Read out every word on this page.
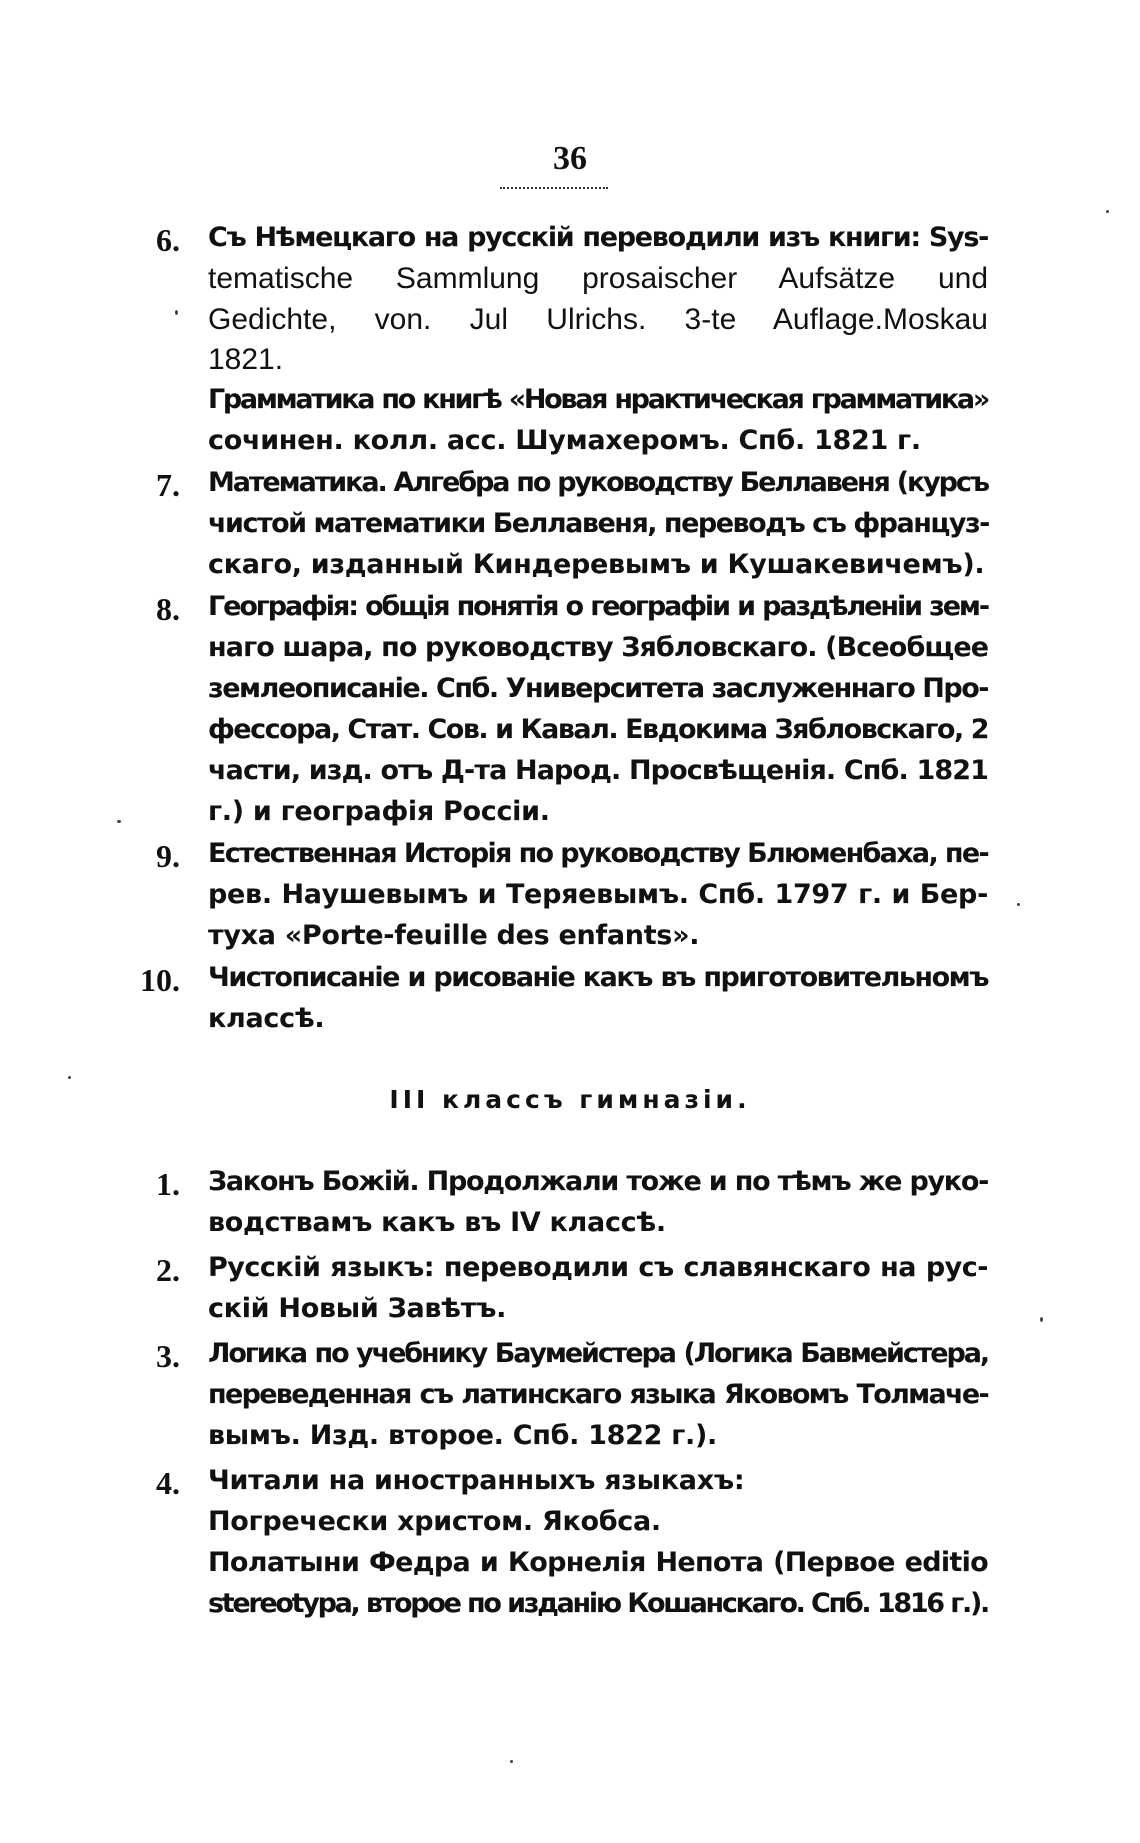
36
6. Съ Нѣмецкаго на русскій переводили изъ книги: Sys-
tematische Sammlung prosaischer Aufsätze und
Gedichte, von. Jul Ulrichs. 3-te Auflage.Moskau
1821.
Грамматика по книгѣ «Новая нрактическая грамматика»
сочинен. колл. асс. Шумахеромъ. Спб. 1821 г.
7. Математика. Алгебра по руководству Беллавеня (курсъ
чистой математики Беллавеня, переводъ съ француз-
скаго, изданный Киндеревымъ и Кушакевичемъ).
8. Географія: общія понятія о географіи и раздѣленіи зем-
наго шара, по руководству Зябловскаго. (Всеобщее
землеописаніе. Спб. Университета заслуженнаго Про-
фессора, Стат. Сов. и Кавал. Евдокима Зябловскаго, 2
части, изд. отъ Д-та Народ. Просвѣщенія. Спб. 1821
г.) и географія Россіи.
9. Естественная Исторія по руководству Блюменбаха, пе-
рев. Наушевымъ и Теряевымъ. Спб. 1797 г. и Бер-
туха «Porte-feuille des enfants».
10. Чистописаніе и рисованіе какъ въ приготовительномъ
классѣ.
III классъ гимназіи.
1. Законъ Божій. Продолжали тоже и по тѣмъ же руко-
водствамъ какъ въ IV классѣ.
2. Русскій языкъ: переводили съ славянскаго на рус-
скій Новый Завѣтъ.
3. Логика по учебнику Баумейстера (Логика Бавмейстера,
переведенная съ латинскаго языка Яковомъ Толмаче-
вымъ. Изд. второе. Спб. 1822 г.).
4. Читали на иностранныхъ языкахъ:
Погречески христом. Якобса.
Полатыни Федра и Корнелія Непота (Первое editio
stereotypa, второе по изданію Кошанскаго. Спб. 1816 г.).
